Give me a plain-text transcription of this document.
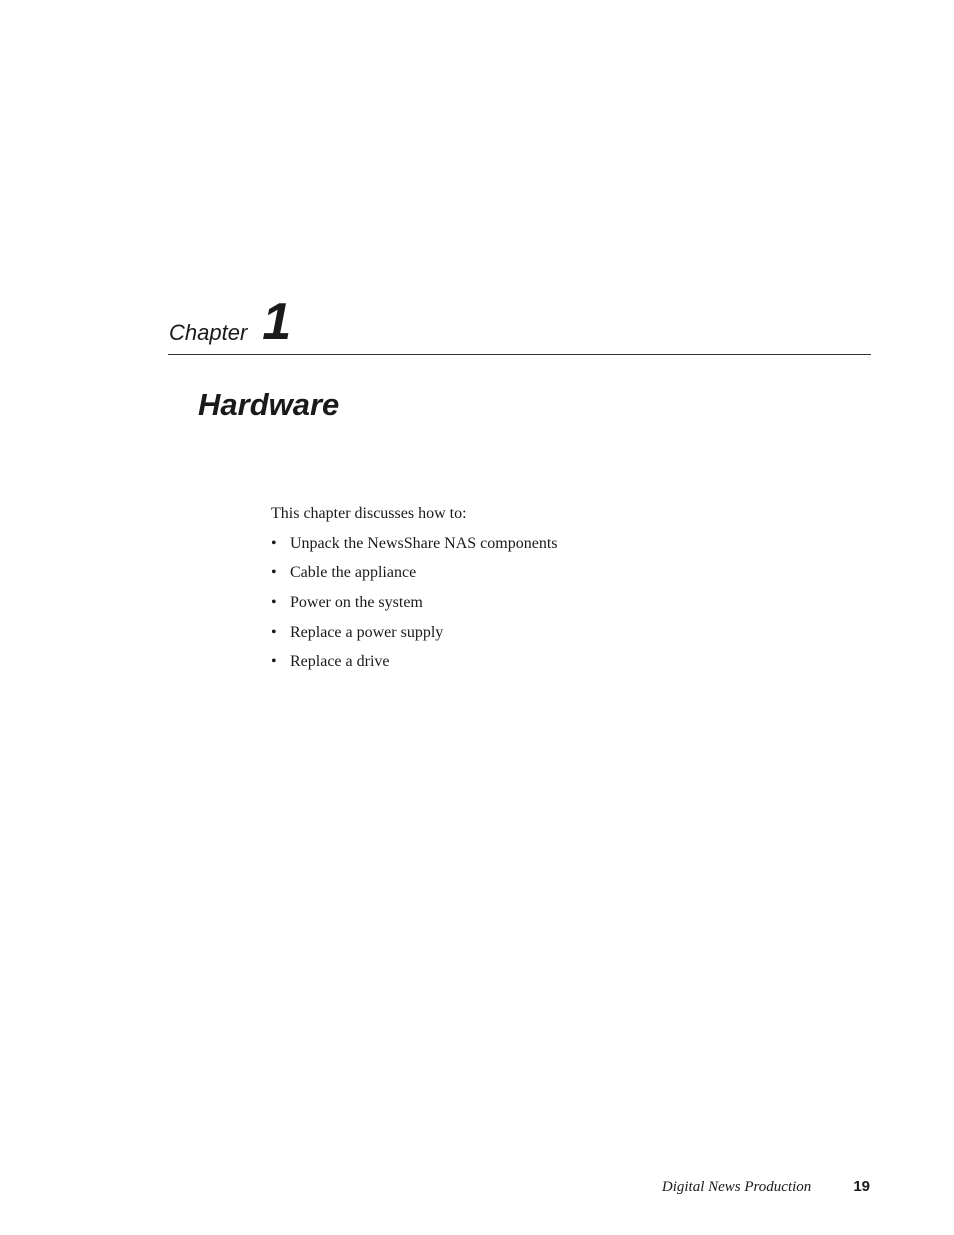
Chapter 1
Hardware

This chapter discusses how to:

• Unpack the NewsShare NAS components
• Cable the appliance
• Power on the system
• Replace a power supply
• Replace a drive
Digital News Production	19
